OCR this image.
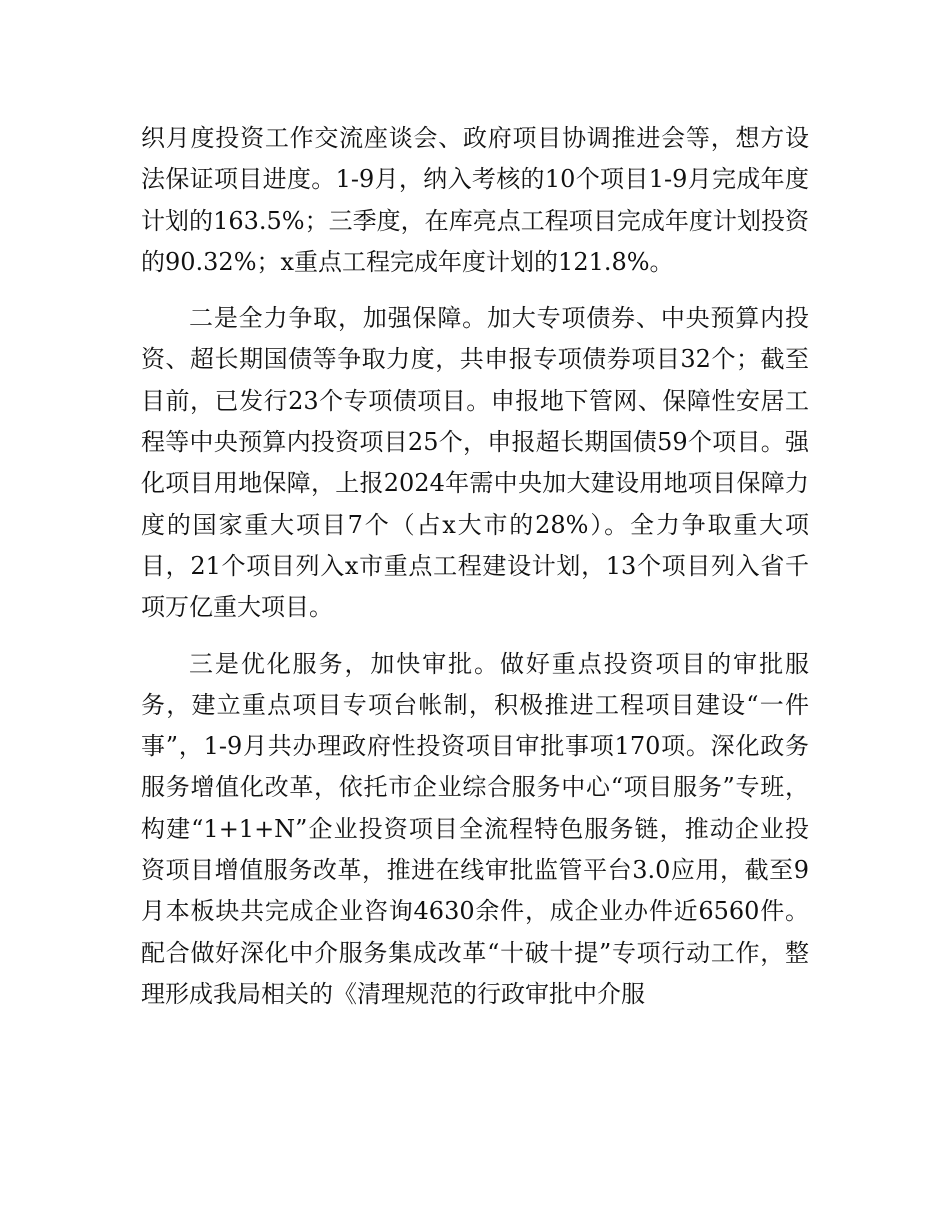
织月度投资工作交流座谈会、政府项目协调推进会等，想方设法保证项目进度。1-9月，纳入考核的10个项目1-9月完成年度计划的163.5%；三季度，在库亮点工程项目完成年度计划投资的90.32%；x重点工程完成年度计划的121.8%。

二是全力争取，加强保障。加大专项债券、中央预算内投资、超长期国债等争取力度，共申报专项债券项目32个；截至目前，已发行23个专项债项目。申报地下管网、保障性安居工程等中央预算内投资项目25个，申报超长期国债59个项目。强化项目用地保障，上报2024年需中央加大建设用地项目保障力度的国家重大项目7个（占x大市的28%）。全力争取重大项目，21个项目列入x市重点工程建设计划，13个项目列入省千项万亿重大项目。

三是优化服务，加快审批。做好重点投资项目的审批服务，建立重点项目专项台帐制，积极推进工程项目建设“一件事”，1-9月共办理政府性投资项目审批事项170项。深化政务服务增值化改革，依托市企业综合服务中心“项目服务”专班，构建“1+1+N”企业投资项目全流程特色服务链，推动企业投资项目增值服务改革，推进在线审批监管平台3.0应用，截至9月本板块共完成企业咨询4630余件，成企业办件近6560件。配合做好深化中介服务集成改革“十破十提”专项行动工作，整理形成我局相关的《清理规范的行政审批中介服
